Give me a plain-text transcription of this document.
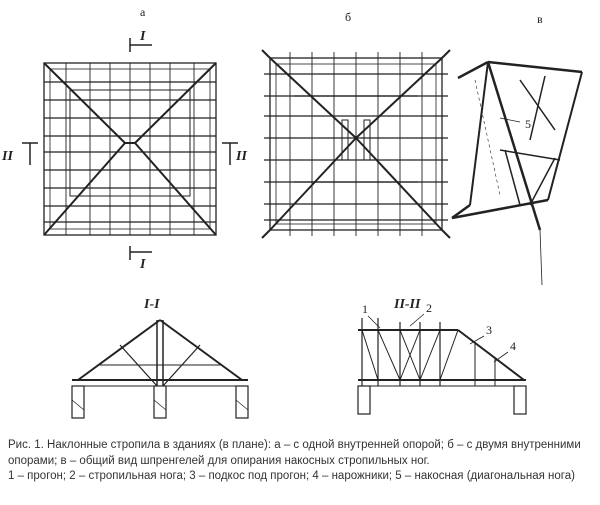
а	б	в
I
I
II	II
I-I	II-II
1	2
3
4
5

Рис. 1. Наклонные стропила в зданиях (в плане): а – с одной внутренней опорой; б – с двумя внутренними

опорами; в – общий вид шпренгелей для опирания накосных стропильных ног.

1 – прогон; 2 – стропильная нога; 3 – подкос под прогон; 4 – нарожники; 5 – накосная (диагональная нога)
